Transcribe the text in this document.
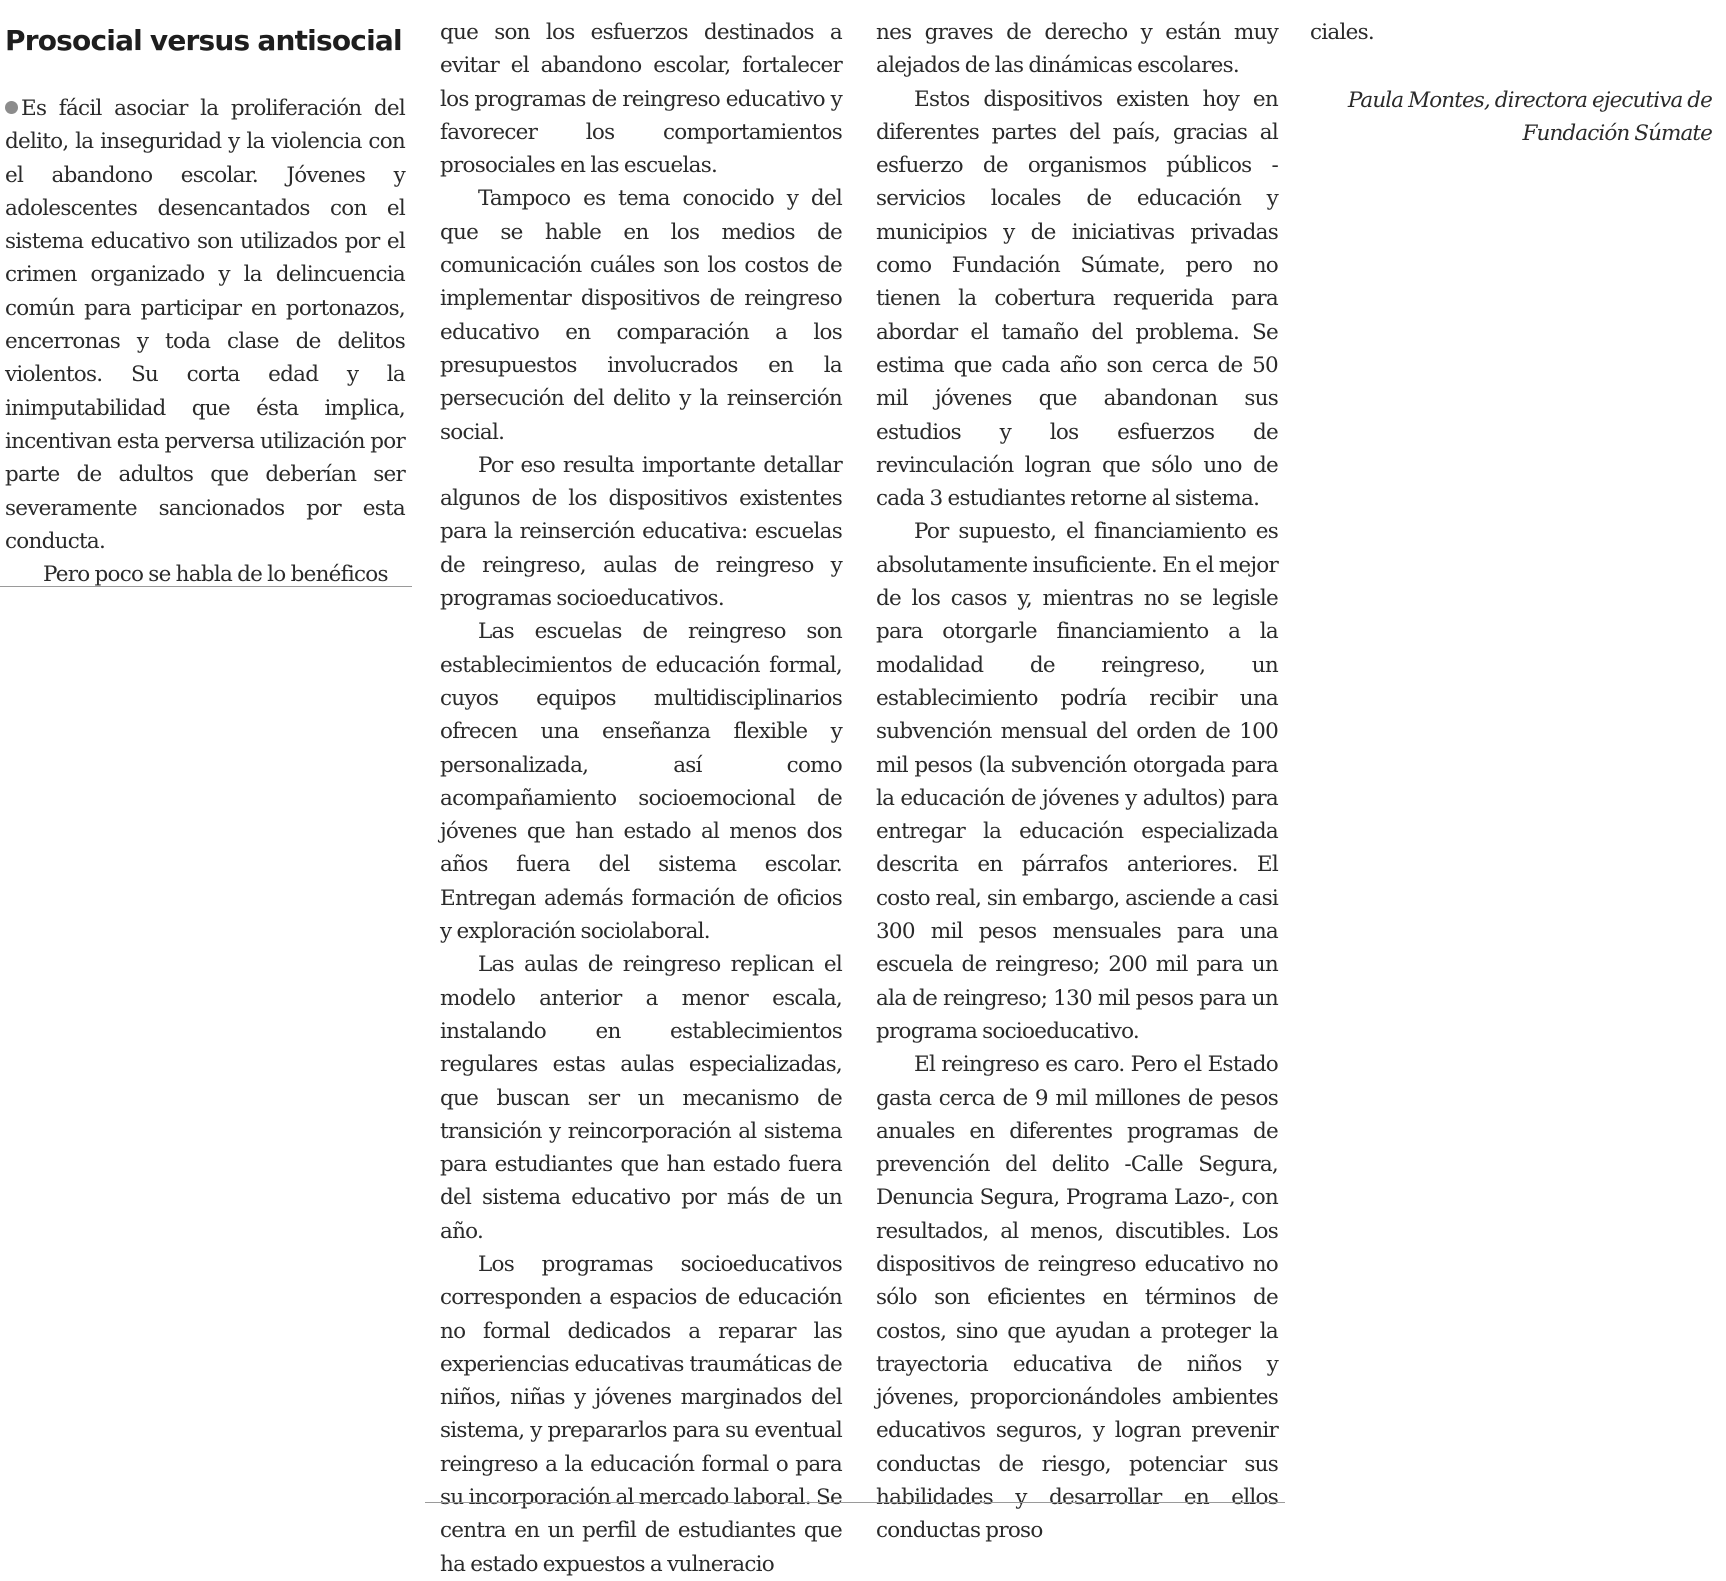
Prosocial versus antisocial

Es fácil asociar la proliferación del delito, la inseguridad y la violencia con el abandono escolar. Jóvenes y adolescentes desencantados con el sistema educativo son utilizados por el crimen organizado y la delincuencia común para participar en portonazos, encerronas y toda clase de delitos violentos. Su corta edad y la inimputabilidad que ésta implica, incentivan esta perversa utilización por parte de adultos que deberían ser severamente sancionados por esta conducta.

Pero poco se habla de lo benéficos

que son los esfuerzos destinados a evitar el abandono escolar, fortalecer los programas de reingreso educativo y favorecer los comportamientos prosociales en las escuelas.

Tampoco es tema conocido y del que se hable en los medios de comunicación cuáles son los costos de implementar dispositivos de reingreso educativo en comparación a los presupuestos involucrados en la persecución del delito y la reinserción social.

Por eso resulta importante detallar algunos de los dispositivos existentes para la reinserción educativa: escuelas de reingreso, aulas de reingreso y programas socioeducativos.

Las escuelas de reingreso son establecimientos de educación formal, cuyos equipos multidisciplinarios ofrecen una enseñanza flexible y personalizada, así como acompañamiento socioemocional de jóvenes que han estado al menos dos años fuera del sistema escolar. Entregan además formación de oficios y exploración sociolaboral.

Las aulas de reingreso replican el modelo anterior a menor escala, instalando en establecimientos regulares estas aulas especializadas, que buscan ser un mecanismo de transición y reincorporación al sistema para estudiantes que han estado fuera del sistema educativo por más de un año.

Los programas socioeducativos corresponden a espacios de educación no formal dedicados a reparar las experiencias educativas traumáticas de niños, niñas y jóvenes marginados del sistema, y prepararlos para su eventual reingreso a la educación formal o para su incorporación al mercado laboral. Se centra en un perfil de estudiantes que ha estado expuestos a vulneracio

nes graves de derecho y están muy alejados de las dinámicas escolares.

Estos dispositivos existen hoy en diferentes partes del país, gracias al esfuerzo de organismos públicos -servicios locales de educación y municipios y de iniciativas privadas como Fundación Súmate, pero no tienen la cobertura requerida para abordar el tamaño del problema. Se estima que cada año son cerca de 50 mil jóvenes que abandonan sus estudios y los esfuerzos de revinculación logran que sólo uno de cada 3 estudiantes retorne al sistema.

Por supuesto, el financiamiento es absolutamente insuficiente. En el mejor de los casos y, mientras no se legisle para otorgarle financiamiento a la modalidad de reingreso, un establecimiento podría recibir una subvención mensual del orden de 100 mil pesos (la subvención otorgada para la educación de jóvenes y adultos) para entregar la educación especializada descrita en párrafos anteriores. El costo real, sin embargo, asciende a casi 300 mil pesos mensuales para una escuela de reingreso; 200 mil para un ala de reingreso; 130 mil pesos para un programa socioeducativo.

El reingreso es caro. Pero el Estado gasta cerca de 9 mil millones de pesos anuales en diferentes programas de prevención del delito -Calle Segura, Denuncia Segura, Programa Lazo-, con resultados, al menos, discutibles. Los dispositivos de reingreso educativo no sólo son eficientes en términos de costos, sino que ayudan a proteger la trayectoria educativa de niños y jóvenes, proporcionándoles ambientes educativos seguros, y logran prevenir conductas de riesgo, potenciar sus habilidades y desarrollar en ellos conductas proso

ciales.

Paula Montes, directora ejecutiva de
Fundación Súmate
